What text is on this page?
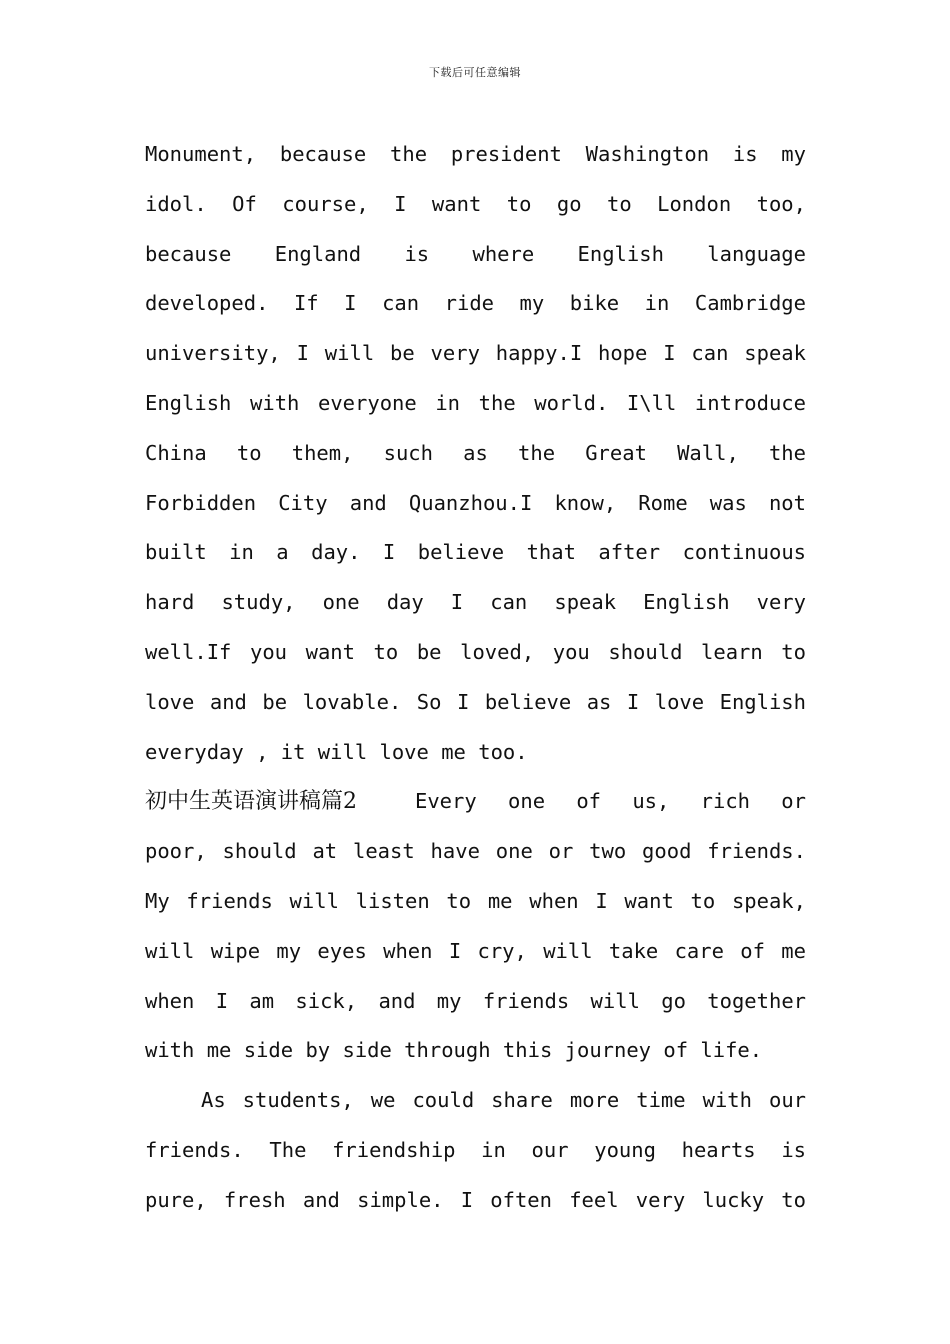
下载后可任意编辑
Monument, because the president Washington is my
idol. Of course, I want to go to London too,
because England is where English language
developed. If I can ride my bike in Cambridge
university, I will be very happy.I hope I can speak
English with everyone in the world. I\ll introduce
China to them, such as the Great Wall, the
Forbidden City and Quanzhou.I know, Rome was not
built in a day. I believe that after continuous
hard study, one day I can speak English very
well.If you want to be loved, you should learn to
love and be lovable. So I believe as I love English
everyday , it will love me too.
初中生英语演讲稿篇2	Every one of us, rich or
poor, should at least have one or two good friends.
My friends will listen to me when I want to speak,
will wipe my eyes when I cry, will take care of me
when I am sick, and my friends will go together
with me side by side through this journey of life.
As students, we could share more time with our
friends. The friendship in our young hearts is
pure, fresh and simple. I often feel very lucky to
